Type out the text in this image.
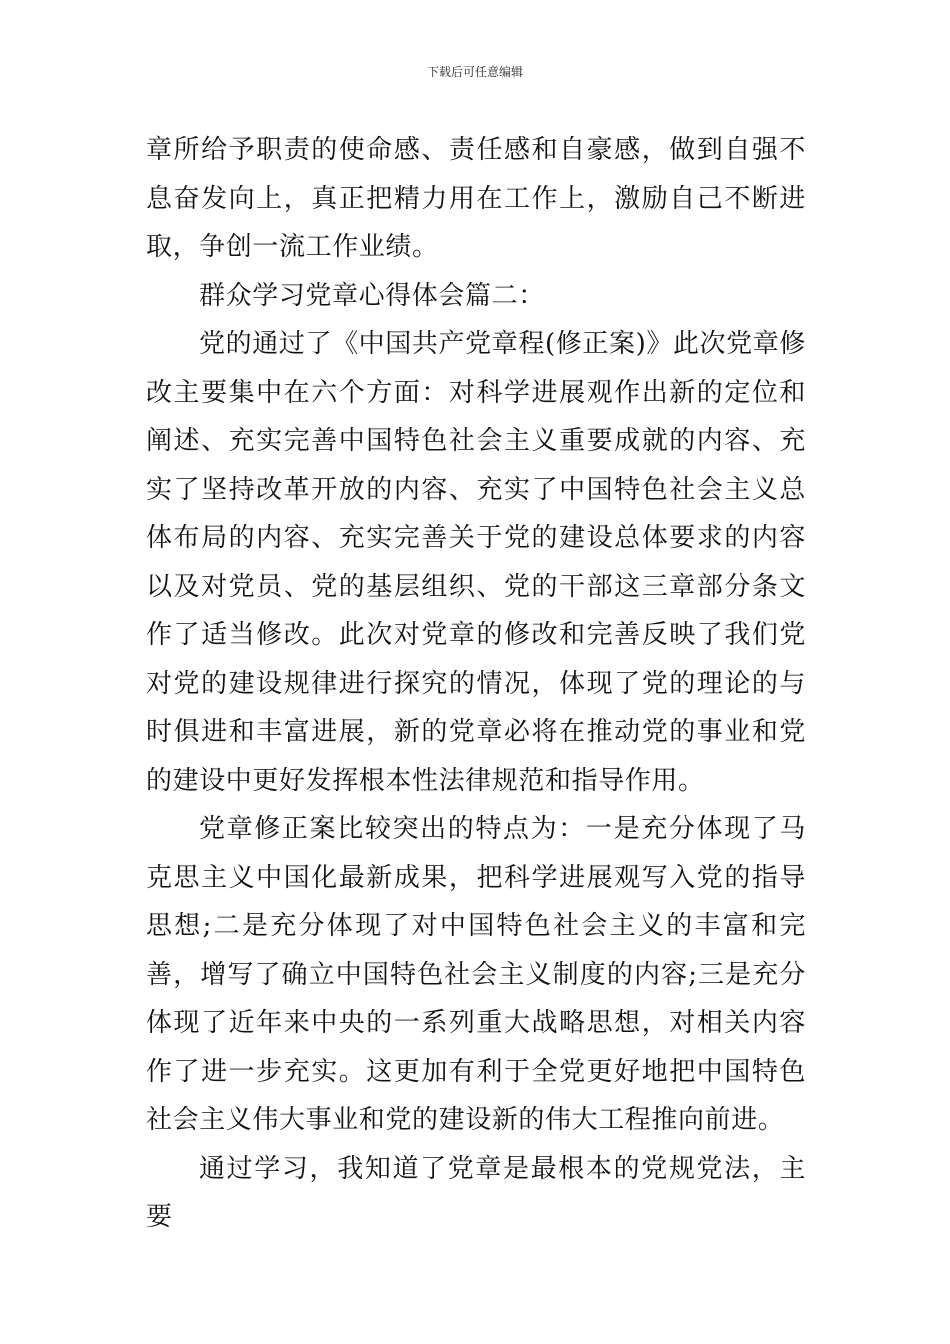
下载后可任意编辑

章所给予职责的使命感、责任感和自豪感，做到自强不息奋发向上，真正把精力用在工作上，激励自己不断进取，争创一流工作业绩。

群众学习党章心得体会篇二：

党的通过了《中国共产党章程(修正案)》此次党章修改主要集中在六个方面：对科学进展观作出新的定位和阐述、充实完善中国特色社会主义重要成就的内容、充实了坚持改革开放的内容、充实了中国特色社会主义总体布局的内容、充实完善关于党的建设总体要求的内容以及对党员、党的基层组织、党的干部这三章部分条文作了适当修改。此次对党章的修改和完善反映了我们党对党的建设规律进行探究的情况，体现了党的理论的与时俱进和丰富进展，新的党章必将在推动党的事业和党的建设中更好发挥根本性法律规范和指导作用。

党章修正案比较突出的特点为：一是充分体现了马克思主义中国化最新成果，把科学进展观写入党的指导思想;二是充分体现了对中国特色社会主义的丰富和完善，增写了确立中国特色社会主义制度的内容;三是充分体现了近年来中央的一系列重大战略思想，对相关内容作了进一步充实。这更加有利于全党更好地把中国特色社会主义伟大事业和党的建设新的伟大工程推向前进。

通过学习，我知道了党章是最根本的党规党法，主要
